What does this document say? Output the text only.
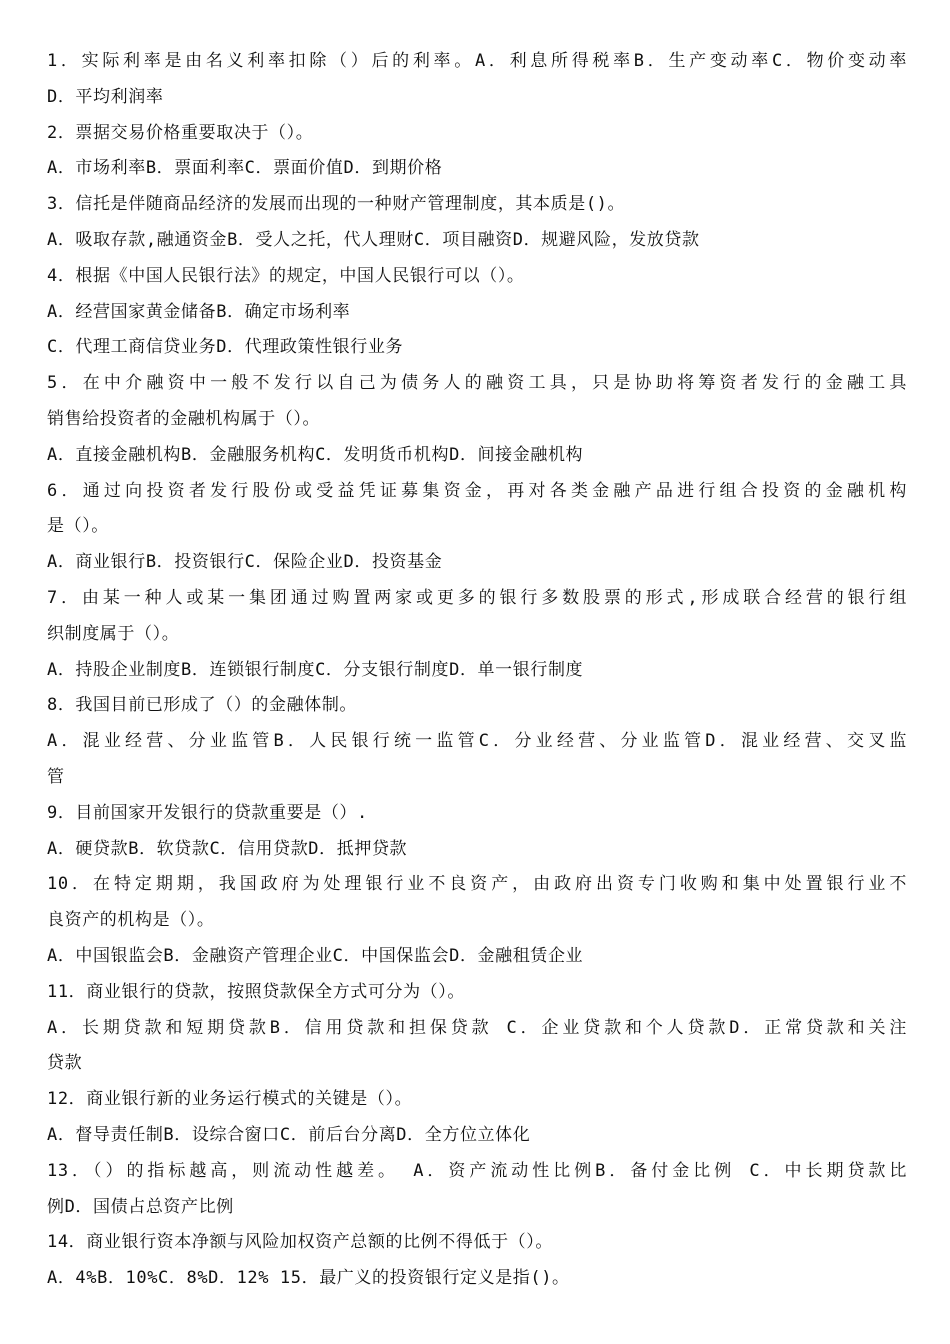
1．实际利率是由名义利率扣除（）后的利率。A．利息所得税率B．生产变动率C．物价变动率
D．平均利润率
2．票据交易价格重要取决于（）。
A．市场利率B．票面利率C．票面价值D．到期价格
3．信托是伴随商品经济的发展而出现的一种财产管理制度，其本质是()。
A．吸取存款,融通资金B．受人之托，代人理财C．项目融资D．规避风险，发放贷款
4．根据《中国人民银行法》的规定，中国人民银行可以（）。
A．经营国家黄金储备B．确定市场利率
C．代理工商信贷业务D．代理政策性银行业务
5．在中介融资中一般不发行以自己为债务人的融资工具，只是协助将筹资者发行的金融工具
销售给投资者的金融机构属于（）。
A．直接金融机构B．金融服务机构C．发明货币机构D．间接金融机构
6．通过向投资者发行股份或受益凭证募集资金，再对各类金融产品进行组合投资的金融机构
是（）。
A．商业银行B．投资银行C．保险企业D．投资基金
7．由某一种人或某一集团通过购置两家或更多的银行多数股票的形式,形成联合经营的银行组
织制度属于（）。
A．持股企业制度B．连锁银行制度C．分支银行制度D．单一银行制度
8．我国目前已形成了（）的金融体制。
A．混业经营、分业监管B．人民银行统一监管C．分业经营、分业监管D．混业经营、交叉监
管
9．目前国家开发银行的贷款重要是（）.
A．硬贷款B．软贷款C．信用贷款D．抵押贷款
10．在特定期期，我国政府为处理银行业不良资产，由政府出资专门收购和集中处置银行业不
良资产的机构是（）。
A．中国银监会B．金融资产管理企业C．中国保监会D．金融租赁企业
11．商业银行的贷款，按照贷款保全方式可分为（）。
A．长期贷款和短期贷款B．信用贷款和担保贷款 C．企业贷款和个人贷款D．正常贷款和关注
贷款
12．商业银行新的业务运行模式的关键是（）。
A．督导责任制B．设综合窗口C．前后台分离D．全方位立体化
13．（）的指标越高，则流动性越差。 A．资产流动性比例B．备付金比例 C．中长期贷款比
例D．国债占总资产比例
14．商业银行资本净额与风险加权资产总额的比例不得低于（）。
A．4%B．10%C．8%D．12% 15．最广义的投资银行定义是指()。
